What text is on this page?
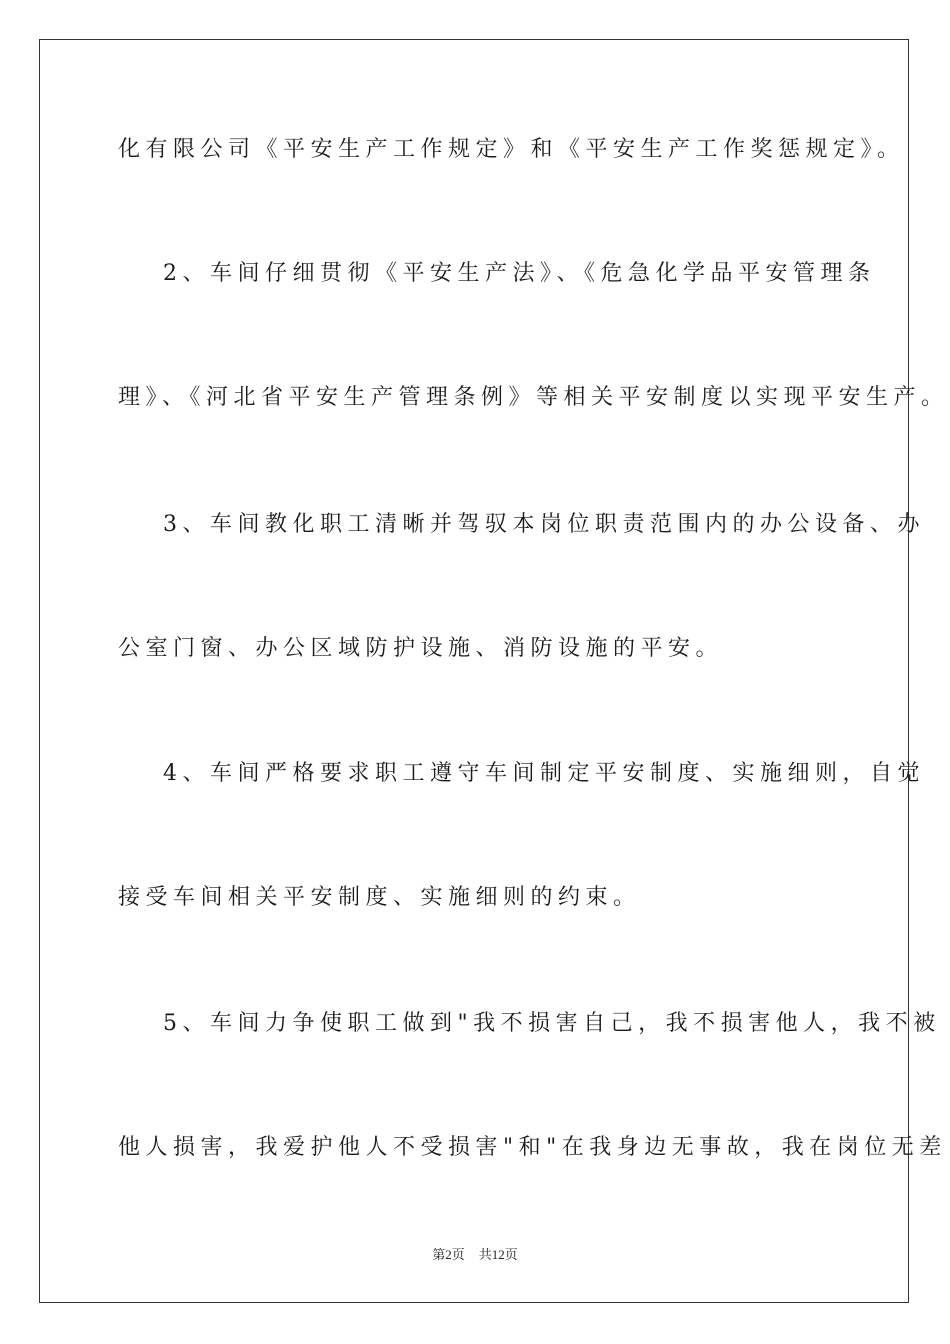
化有限公司《平安生产工作规定》和《平安生产工作奖惩规定》。
2、车间仔细贯彻《平安生产法》、《危急化学品平安管理条
理》、《河北省平安生产管理条例》等相关平安制度以实现平安生产。
3、车间教化职工清晰并驾驭本岗位职责范围内的办公设备、办
公室门窗、办公区域防护设施、消防设施的平安。
4、车间严格要求职工遵守车间制定平安制度、实施细则，自觉
接受车间相关平安制度、实施细则的约束。
5、车间力争使职工做到"我不损害自己，我不损害他人，我不被
他人损害，我爱护他人不受损害"和"在我身边无事故，我在岗位无差
第2页 共12页
